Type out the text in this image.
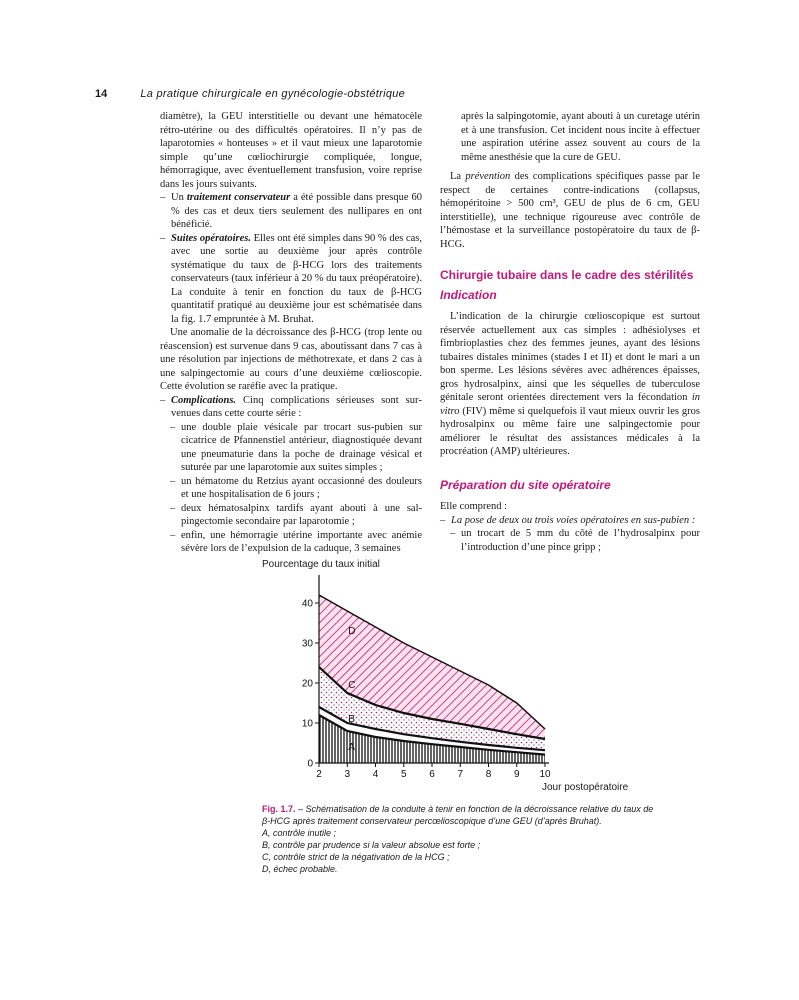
14	La pratique chirurgicale en gynécologie-obstétrique

diamètre), la GEU interstitielle ou devant une hématocèle rétro-utérine ou des difficultés opératoires. Il n’y pas de laparotomies « honteuses » et il vaut mieux une laparotomie simple qu’une cœliochirurgie compliquée, longue, hémorragique, avec éventuellement transfusion, voire reprise dans les jours suivants.

– Un traitement conservateur a été possible dans presque 60 % des cas et deux tiers seulement des nullipares en ont bénéficié.
– Suites opératoires. Elles ont été simples dans 90 % des cas, avec une sortie au deuxième jour après contrôle systématique du taux de β-HCG lors des traitements conservateurs (taux inférieur à 20 % du taux préopératoire). La conduite à tenir en fonction du taux de β-HCG quantitatif pratiqué au deuxième jour est schématisée dans la fig. 1.7 empruntée à M. Bruhat.

Une anomalie de la décroissance des β-HCG (trop lente ou réascension) est survenue dans 9 cas, aboutissant dans 7 cas à une résolution par injections de méthotrexate, et dans 2 cas à une salpingectomie au cours d’une deuxième cœlioscopie. Cette évolution se raréfie avec la pratique.

– Complications. Cinq complications sérieuses sont survenues dans cette courte série :
– une double plaie vésicale par trocart sus-pubien sur cicatrice de Pfannenstiel antérieur, diagnostiquée devant une pneumaturie dans la poche de drainage vésical et suturée par une laparotomie aux suites simples ;
– un hématome du Retzius ayant occasionné des douleurs et une hospitalisation de 6 jours ;
– deux hématosalpinx tardifs ayant abouti à une salpingectomie secondaire par laparotomie ;
– enfin, une hémorragie utérine importante avec anémie sévère lors de l’expulsion de la caduque, 3 semaines
après la salpingotomie, ayant abouti à un curetage utérin et à une transfusion. Cet incident nous incite à effectuer une aspiration utérine assez souvent au cours de la même anesthésie que la cure de GEU.

La prévention des complications spécifiques passe par le respect de certaines contre-indications (collapsus, hémopéritoine > 500 cm³, GEU de plus de 6 cm, GEU interstitielle), une technique rigoureuse avec contrôle de l’hémostase et la surveillance postopératoire du taux de β-HCG.

Chirurgie tubaire dans le cadre des stérilités
Indication

L’indication de la chirurgie cœlioscopique est surtout réservée actuellement aux cas simples : adhésiolyses et fimbrioplasties chez des femmes jeunes, ayant des lésions tubaires distales minimes (stades I et II) et dont le mari a un bon sperme. Les lésions sévères avec adhérences épaisses, gros hydrosalpinx, ainsi que les séquelles de tuberculose génitale seront orientées directement vers la fécondation in vitro (FIV) même si quelquefois il vaut mieux ouvrir les gros hydrosalpinx ou même faire une salpingectomie pour améliorer le résultat des assistances médicales à la procréation (AMP) ultérieures.

Préparation du site opératoire

Elle comprend :

– La pose de deux ou trois voies opératoires en sus-pubien :
– un trocart de 5 mm du côté de l’hydrosalpinx pour l’introduction d’une pince gripp ;
Pourcentage du taux initial
Jour postopératoire
A
B
C
D
2 3 4 5 6 7 8 9 10
0
10
20
30
40
Fig. 1.7. – Schématisation de la conduite à tenir en fonction de la décroissance relative du taux de β-HCG après traitement conservateur percœlioscopique d’une GEU (d’après Bruhat).
A, contrôle inutile ;
B, contrôle par prudence si la valeur absolue est forte ;
C, contrôle strict de la négativation de la HCG ;
D, échec probable.
